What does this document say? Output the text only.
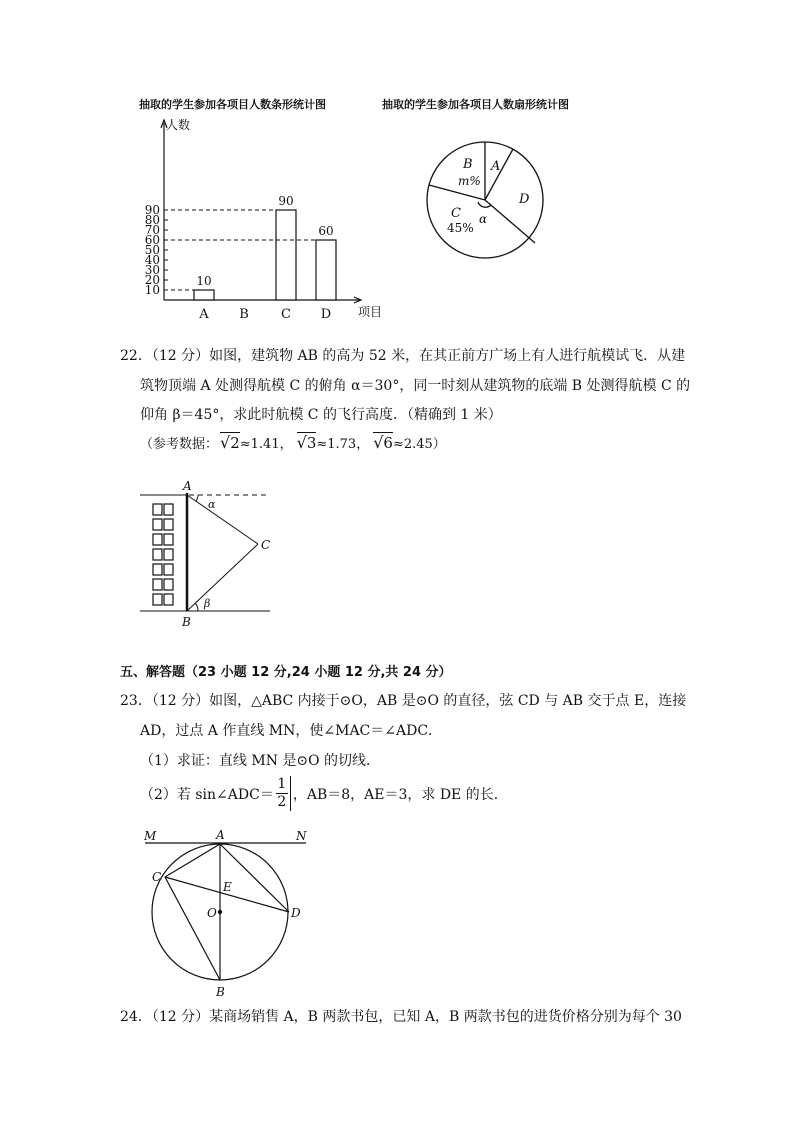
抽取的学生参加各项目人数条形统计图	抽取的学生参加各项目人数扇形统计图
人数
项目
10
20
30
40
50
60
70
80
90
A
10
B C
90
D
60
A
B
m%
C
45%
α
D
22．（12 分）如图，建筑物 AB 的高为 52 米，在其正前方广场上有人进行航模试飞．从建
筑物顶端 A 处测得航模 C 的俯角 α＝30°，同一时刻从建筑物的底端 B 处测得航模 C 的
仰角 β＝45°，求此时航模 C 的飞行高度．（精确到 1 米）
（参考数据： √2 ≈1.41， √3 ≈1.73， √6 ≈2.45）
A
α
C
β
B
五、解答题（23 小题 12 分,24 小题 12 分,共 24 分）
23．（12 分）如图，△ABC 内接于⊙O，AB 是⊙O 的直径，弦 CD 与 AB 交于点 E，连接
AD，过点 A 作直线 MN，使∠MAC＝∠ADC．
（1）求证：直线 MN 是⊙O 的切线．
（2）若 sin∠ADC＝ $\frac{1}{2}$ ，AB＝8，AE＝3，求 DE 的长．
M	A	N
C
E
O	D
B
24．（12 分）某商场销售 A，B 两款书包，已知 A，B 两款书包的进货价格分别为每个 30
